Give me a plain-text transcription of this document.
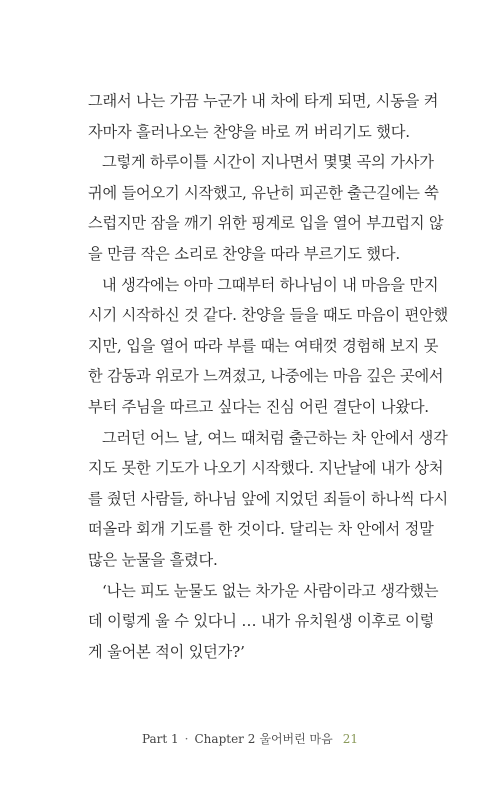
그래서 나는 가끔 누군가 내 차에 타게 되면, 시동을 켜
자마자 흘러나오는 찬양을 바로 꺼 버리기도 했다.
그렇게 하루이틀 시간이 지나면서 몇몇 곡의 가사가
귀에 들어오기 시작했고, 유난히 피곤한 출근길에는 쑥
스럽지만 잠을 깨기 위한 핑계로 입을 열어 부끄럽지 않
을 만큼 작은 소리로 찬양을 따라 부르기도 했다.
내 생각에는 아마 그때부터 하나님이 내 마음을 만지
시기 시작하신 것 같다. 찬양을 들을 때도 마음이 편안했
지만, 입을 열어 따라 부를 때는 여태껏 경험해 보지 못
한 감동과 위로가 느껴졌고, 나중에는 마음 깊은 곳에서
부터 주님을 따르고 싶다는 진심 어린 결단이 나왔다.
그러던 어느 날, 여느 때처럼 출근하는 차 안에서 생각
지도 못한 기도가 나오기 시작했다. 지난날에 내가 상처
를 줬던 사람들, 하나님 앞에 지었던 죄들이 하나씩 다시
떠올라 회개 기도를 한 것이다. 달리는 차 안에서 정말
많은 눈물을 흘렸다.
‘나는 피도 눈물도 없는 차가운 사람이라고 생각했는
데 이렇게 울 수 있다니 … 내가 유치원생 이후로 이렇
게 울어본 적이 있던가?’
Part 1 · Chapter 2 울어버린 마음 21
